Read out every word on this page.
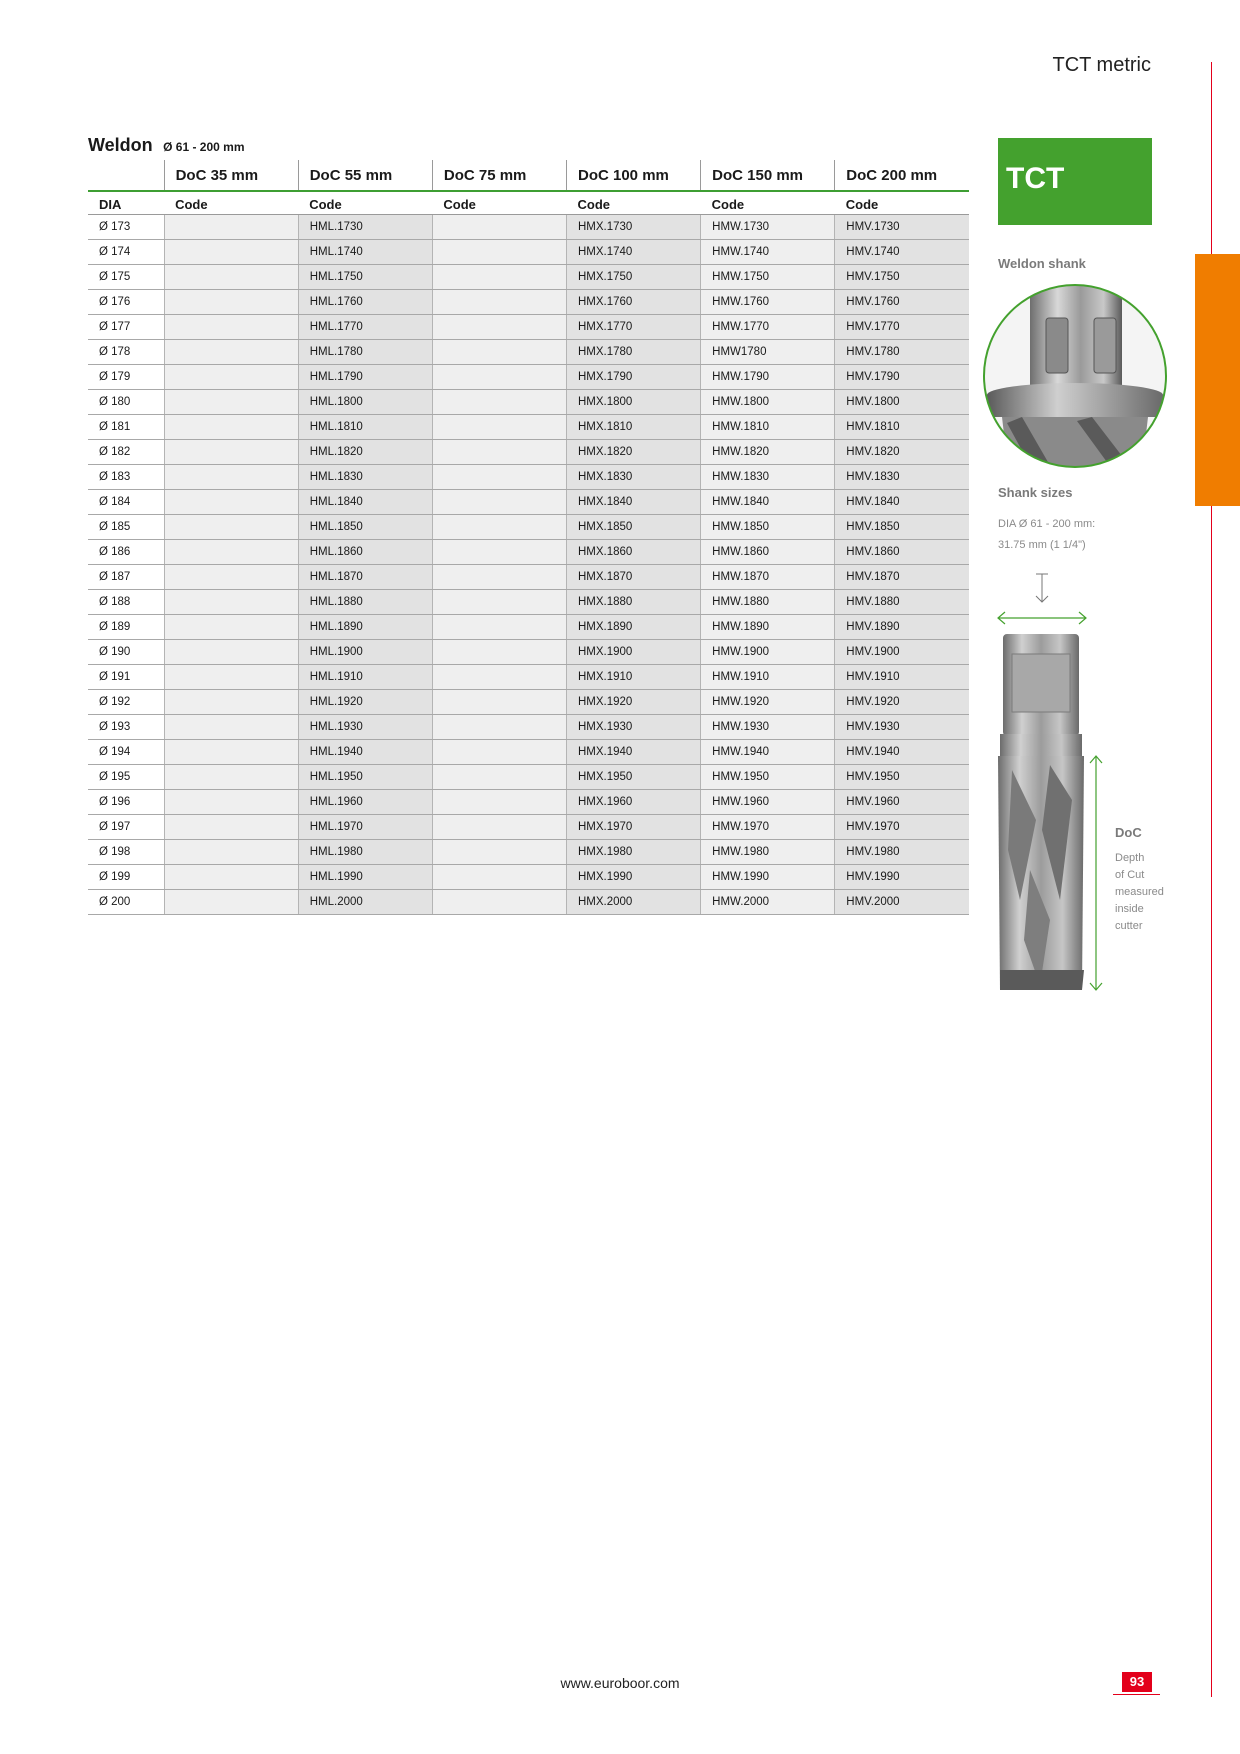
TCT metric
Weldon Ø 61 - 200 mm
	DoC 35 mm	DoC 55 mm	DoC 75 mm	DoC 100 mm	DoC 150 mm	DoC 200 mm
DIA	Code	Code	Code	Code	Code	Code
Ø 173		HML.1730		HMX.1730	HMW.1730	HMV.1730
Ø 174		HML.1740		HMX.1740	HMW.1740	HMV.1740
Ø 175		HML.1750		HMX.1750	HMW.1750	HMV.1750
Ø 176		HML.1760		HMX.1760	HMW.1760	HMV.1760
Ø 177		HML.1770		HMX.1770	HMW.1770	HMV.1770
Ø 178		HML.1780		HMX.1780	HMW1780	HMV.1780
Ø 179		HML.1790		HMX.1790	HMW.1790	HMV.1790
Ø 180		HML.1800		HMX.1800	HMW.1800	HMV.1800
Ø 181		HML.1810		HMX.1810	HMW.1810	HMV.1810
Ø 182		HML.1820		HMX.1820	HMW.1820	HMV.1820
Ø 183		HML.1830		HMX.1830	HMW.1830	HMV.1830
Ø 184		HML.1840		HMX.1840	HMW.1840	HMV.1840
Ø 185		HML.1850		HMX.1850	HMW.1850	HMV.1850
Ø 186		HML.1860		HMX.1860	HMW.1860	HMV.1860
Ø 187		HML.1870		HMX.1870	HMW.1870	HMV.1870
Ø 188		HML.1880		HMX.1880	HMW.1880	HMV.1880
Ø 189		HML.1890		HMX.1890	HMW.1890	HMV.1890
Ø 190		HML.1900		HMX.1900	HMW.1900	HMV.1900
Ø 191		HML.1910		HMX.1910	HMW.1910	HMV.1910
Ø 192		HML.1920		HMX.1920	HMW.1920	HMV.1920
Ø 193		HML.1930		HMX.1930	HMW.1930	HMV.1930
Ø 194		HML.1940		HMX.1940	HMW.1940	HMV.1940
Ø 195		HML.1950		HMX.1950	HMW.1950	HMV.1950
Ø 196		HML.1960		HMX.1960	HMW.1960	HMV.1960
Ø 197		HML.1970		HMX.1970	HMW.1970	HMV.1970
Ø 198		HML.1980		HMX.1980	HMW.1980	HMV.1980
Ø 199		HML.1990		HMX.1990	HMW.1990	HMV.1990
Ø 200		HML.2000		HMX.2000	HMW.2000	HMV.2000
TCT
Weldon shank
Shank sizes
DIA Ø 61 - 200 mm:
31.75 mm (1 1/4")
DoC
Depth
of Cut
measured
inside
cutter
www.euroboor.com	93
